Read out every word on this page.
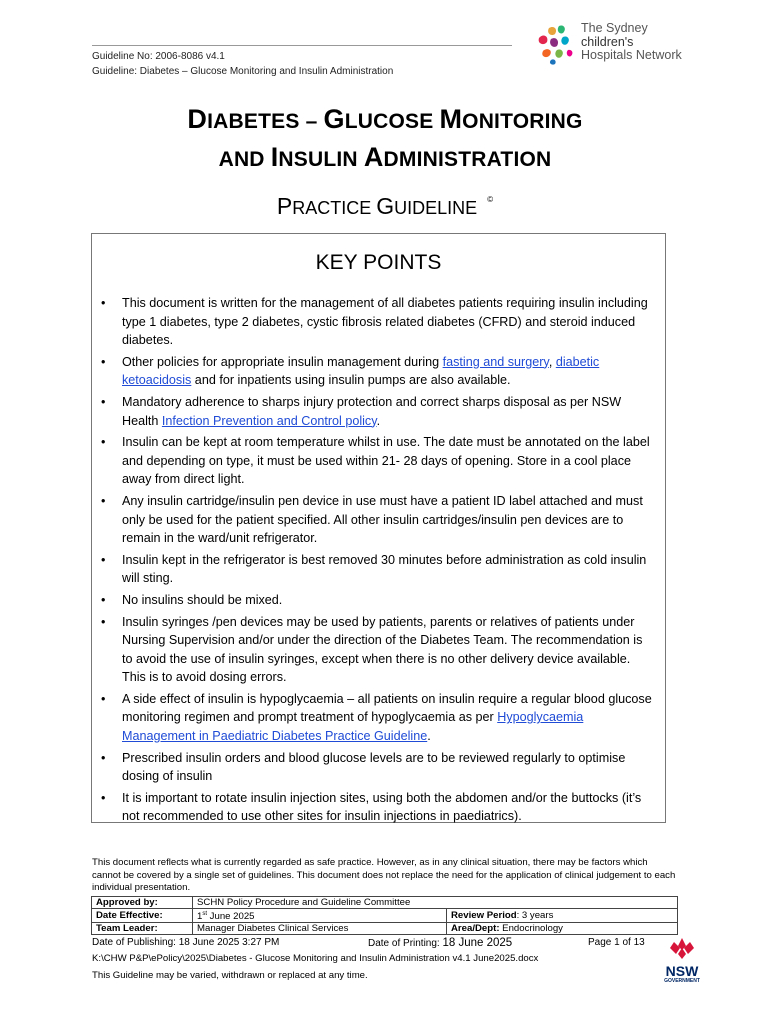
Guideline No: 2006-8086 v4.1
Guideline: Diabetes – Glucose Monitoring and Insulin Administration
The Sydney
children's
Hospitals Network
DIABETES – GLUCOSE MONITORING
AND INSULIN ADMINISTRATION
PRACTICE GUIDELINE ©
KEY POINTS
• This document is written for the management of all diabetes patients requiring insulin including type 1 diabetes, type 2 diabetes, cystic fibrosis related diabetes (CFRD) and steroid induced diabetes.
• Other policies for appropriate insulin management during fasting and surgery, diabetic ketoacidosis and for inpatients using insulin pumps are also available.
• Mandatory adherence to sharps injury protection and correct sharps disposal as per NSW Health Infection Prevention and Control policy.
• Insulin can be kept at room temperature whilst in use. The date must be annotated on the label and depending on type, it must be used within 21- 28 days of opening. Store in a cool place away from direct light.
• Any insulin cartridge/insulin pen device in use must have a patient ID label attached and must only be used for the patient specified. All other insulin cartridges/insulin pen devices are to remain in the ward/unit refrigerator.
• Insulin kept in the refrigerator is best removed 30 minutes before administration as cold insulin will sting.
• No insulins should be mixed.
• Insulin syringes /pen devices may be used by patients, parents or relatives of patients under Nursing Supervision and/or under the direction of the Diabetes Team. The recommendation is to avoid the use of insulin syringes, except when there is no other delivery device available. This is to avoid dosing errors.
• A side effect of insulin is hypoglycaemia – all patients on insulin require a regular blood glucose monitoring regimen and prompt treatment of hypoglycaemia as per Hypoglycaemia Management in Paediatric Diabetes Practice Guideline.
• Prescribed insulin orders and blood glucose levels are to be reviewed regularly to optimise dosing of insulin
• It is important to rotate insulin injection sites, using both the abdomen and/or the buttocks (it’s not recommended to use other sites for insulin injections in paediatrics).
This document reflects what is currently regarded as safe practice. However, as in any clinical situation, there may be factors which cannot be covered by a single set of guidelines. This document does not replace the need for the application of clinical judgement to each individual presentation.
Approved by:	SCHN Policy Procedure and Guideline Committee	
Date Effective:	1st June 2025	Review Period: 3 years
Team Leader:	Manager Diabetes Clinical Services	Area/Dept: Endocrinology
Date of Publishing: 18 June 2025 3:27 PM	Date of Printing: 18 June 2025	Page 1 of 13
K:\CHW P&P\ePolicy\2025\Diabetes - Glucose Monitoring and Insulin Administration v4.1 June2025.docx
This Guideline may be varied, withdrawn or replaced at any time.	NSW
GOVERNMENT
